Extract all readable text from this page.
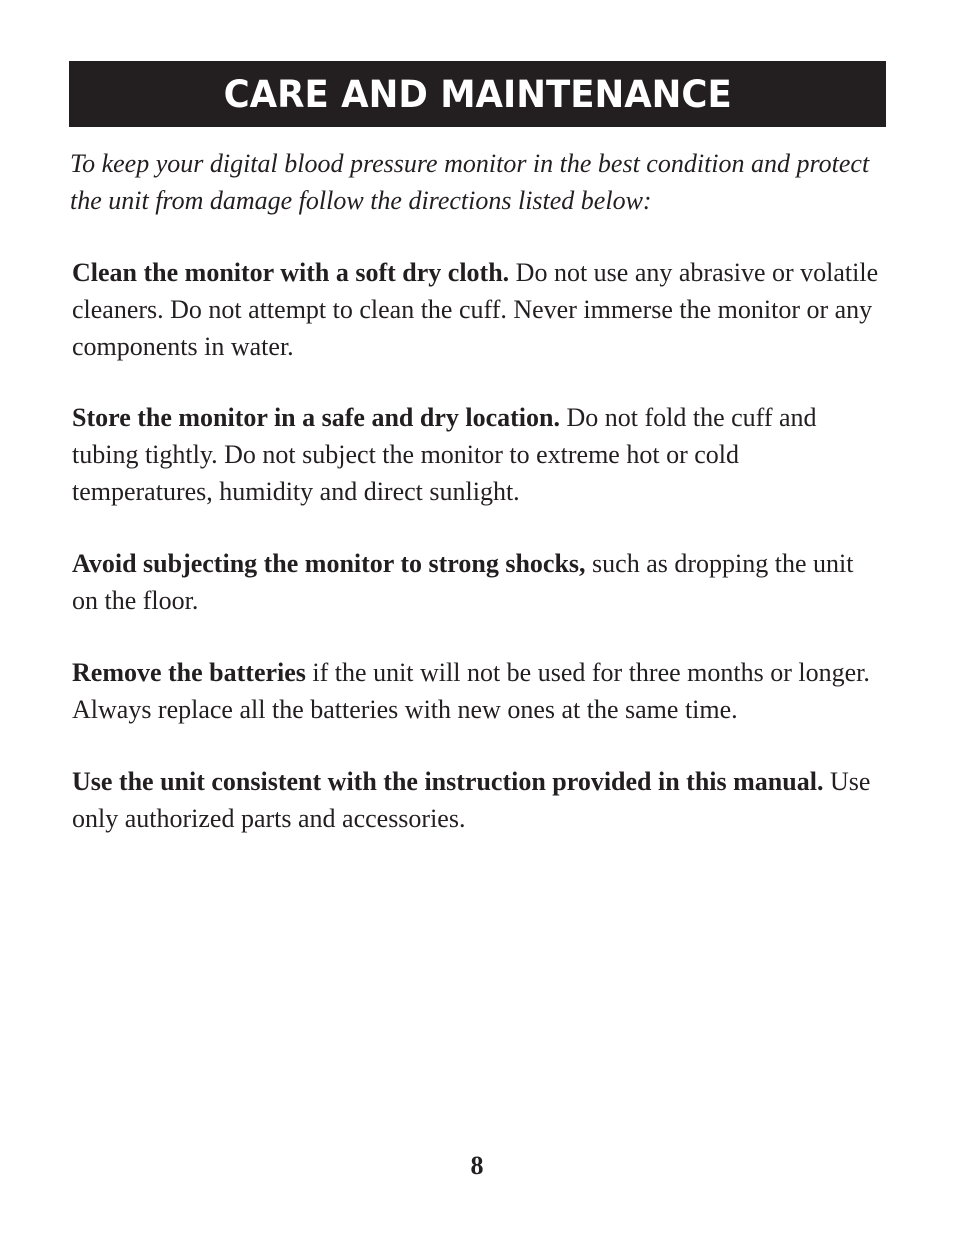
CARE AND MAINTENANCE

To keep your digital blood pressure monitor in the best condition and protect the unit from damage follow the directions listed below:

Clean the monitor with a soft dry cloth. Do not use any abrasive or volatile cleaners. Do not attempt to clean the cuff. Never immerse the monitor or any components in water.

Store the monitor in a safe and dry location. Do not fold the cuff and tubing tightly. Do not subject the monitor to extreme hot or cold temperatures, humidity and direct sunlight.

Avoid subjecting the monitor to strong shocks, such as dropping the unit on the floor.

Remove the batteries if the unit will not be used for three months or longer. Always replace all the batteries with new ones at the same time.

Use the unit consistent with the instruction provided in this manual. Use only authorized parts and accessories.

8
